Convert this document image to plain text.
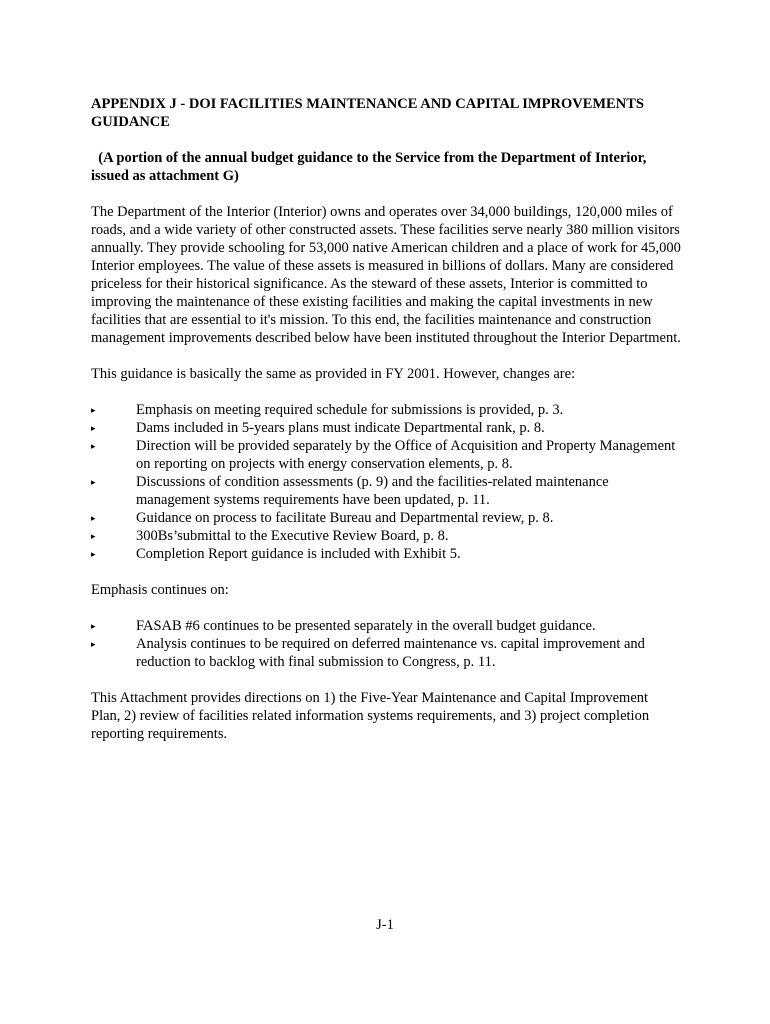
APPENDIX J - DOI FACILITIES MAINTENANCE AND CAPITAL IMPROVEMENTS GUIDANCE

(A portion of the annual budget guidance to the Service from the Department of Interior, issued as attachment G)

The Department of the Interior (Interior) owns and operates over 34,000 buildings, 120,000 miles of roads, and a wide variety of other constructed assets. These facilities serve nearly 380 million visitors annually. They provide schooling for 53,000 native American children and a place of work for 45,000 Interior employees. The value of these assets is measured in billions of dollars. Many are considered priceless for their historical significance. As the steward of these assets, Interior is committed to improving the maintenance of these existing facilities and making the capital investments in new facilities that are essential to it's mission. To this end, the facilities maintenance and construction management improvements described below have been instituted throughout the Interior Department.

This guidance is basically the same as provided in FY 2001. However, changes are:

▸	Emphasis on meeting required schedule for submissions is provided, p. 3.
▸	Dams included in 5-years plans must indicate Departmental rank, p. 8.
▸	Direction will be provided separately by the Office of Acquisition and Property Management on reporting on projects with energy conservation elements, p. 8.
▸	Discussions of condition assessments (p. 9) and the facilities-related maintenance management systems requirements have been updated, p. 11.
▸	Guidance on process to facilitate Bureau and Departmental review, p. 8.
▸	300Bs’submittal to the Executive Review Board, p. 8.
▸	Completion Report guidance is included with Exhibit 5.

Emphasis continues on:

▸	FASAB #6 continues to be presented separately in the overall budget guidance.
▸	Analysis continues to be required on deferred maintenance vs. capital improvement and reduction to backlog with final submission to Congress, p. 11.

This Attachment provides directions on 1) the Five-Year Maintenance and Capital Improvement Plan, 2) review of facilities related information systems requirements, and 3) project completion reporting requirements.

J-1
